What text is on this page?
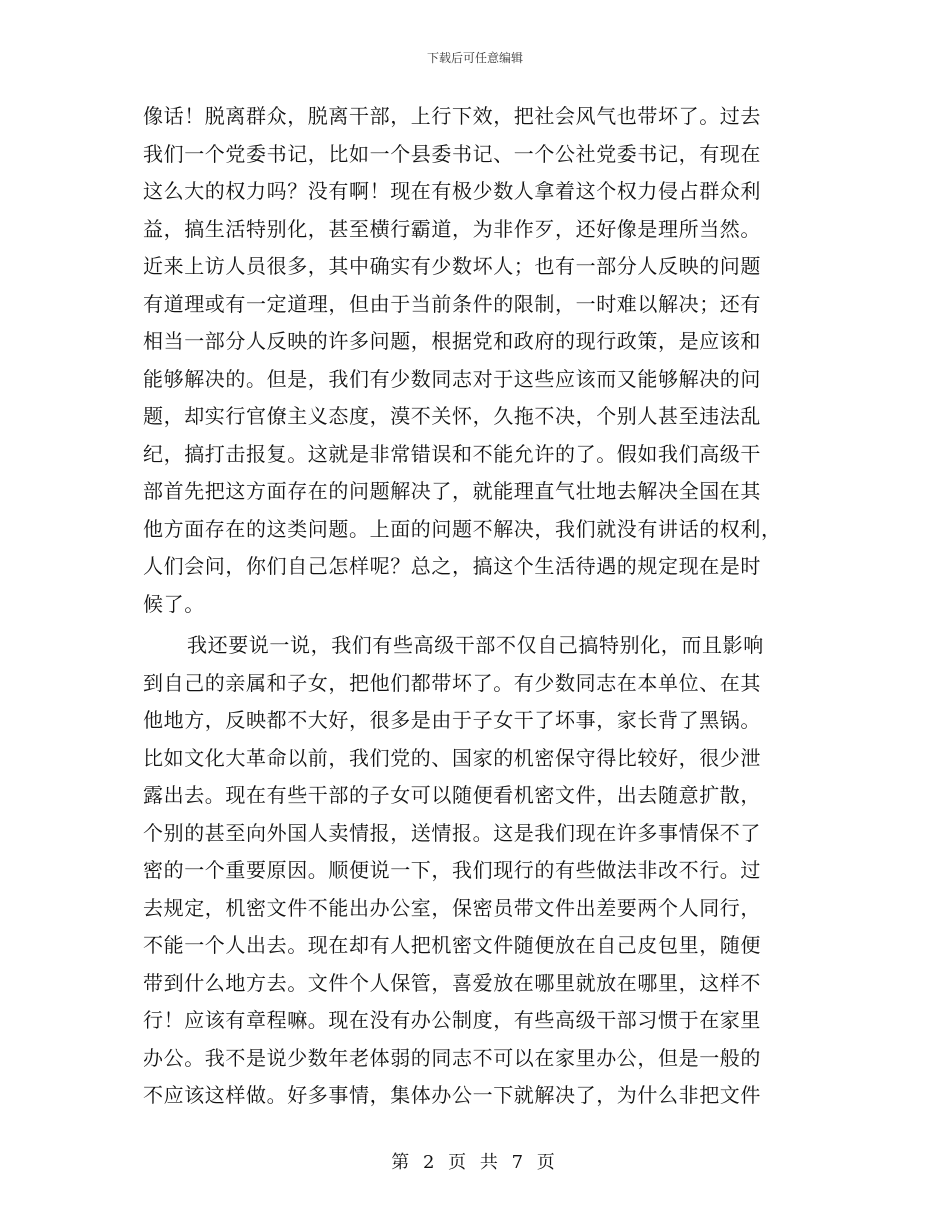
下载后可任意编辑
像话！脱离群众，脱离干部，上行下效，把社会风气也带坏了。过去
我们一个党委书记，比如一个县委书记、一个公社党委书记，有现在
这么大的权力吗？没有啊！现在有极少数人拿着这个权力侵占群众利
益，搞生活特别化，甚至横行霸道，为非作歹，还好像是理所当然。
近来上访人员很多，其中确实有少数坏人；也有一部分人反映的问题
有道理或有一定道理，但由于当前条件的限制，一时难以解决；还有
相当一部分人反映的许多问题，根据党和政府的现行政策，是应该和
能够解决的。但是，我们有少数同志对于这些应该而又能够解决的问
题，却实行官僚主义态度，漠不关怀，久拖不决，个别人甚至违法乱
纪，搞打击报复。这就是非常错误和不能允许的了。假如我们高级干
部首先把这方面存在的问题解决了，就能理直气壮地去解决全国在其
他方面存在的这类问题。上面的问题不解决，我们就没有讲话的权利，
人们会问，你们自己怎样呢？总之，搞这个生活待遇的规定现在是时
候了。
我还要说一说，我们有些高级干部不仅自己搞特别化，而且影响
到自己的亲属和子女，把他们都带坏了。有少数同志在本单位、在其
他地方，反映都不大好，很多是由于子女干了坏事，家长背了黑锅。
比如文化大革命以前，我们党的、国家的机密保守得比较好，很少泄
露出去。现在有些干部的子女可以随便看机密文件，出去随意扩散，
个别的甚至向外国人卖情报，送情报。这是我们现在许多事情保不了
密的一个重要原因。顺便说一下，我们现行的有些做法非改不行。过
去规定，机密文件不能出办公室，保密员带文件出差要两个人同行，
不能一个人出去。现在却有人把机密文件随便放在自己皮包里，随便
带到什么地方去。文件个人保管，喜爱放在哪里就放在哪里，这样不
行！应该有章程嘛。现在没有办公制度，有些高级干部习惯于在家里
办公。我不是说少数年老体弱的同志不可以在家里办公，但是一般的
不应该这样做。好多事情，集体办公一下就解决了，为什么非把文件
第 2 页 共 7 页
